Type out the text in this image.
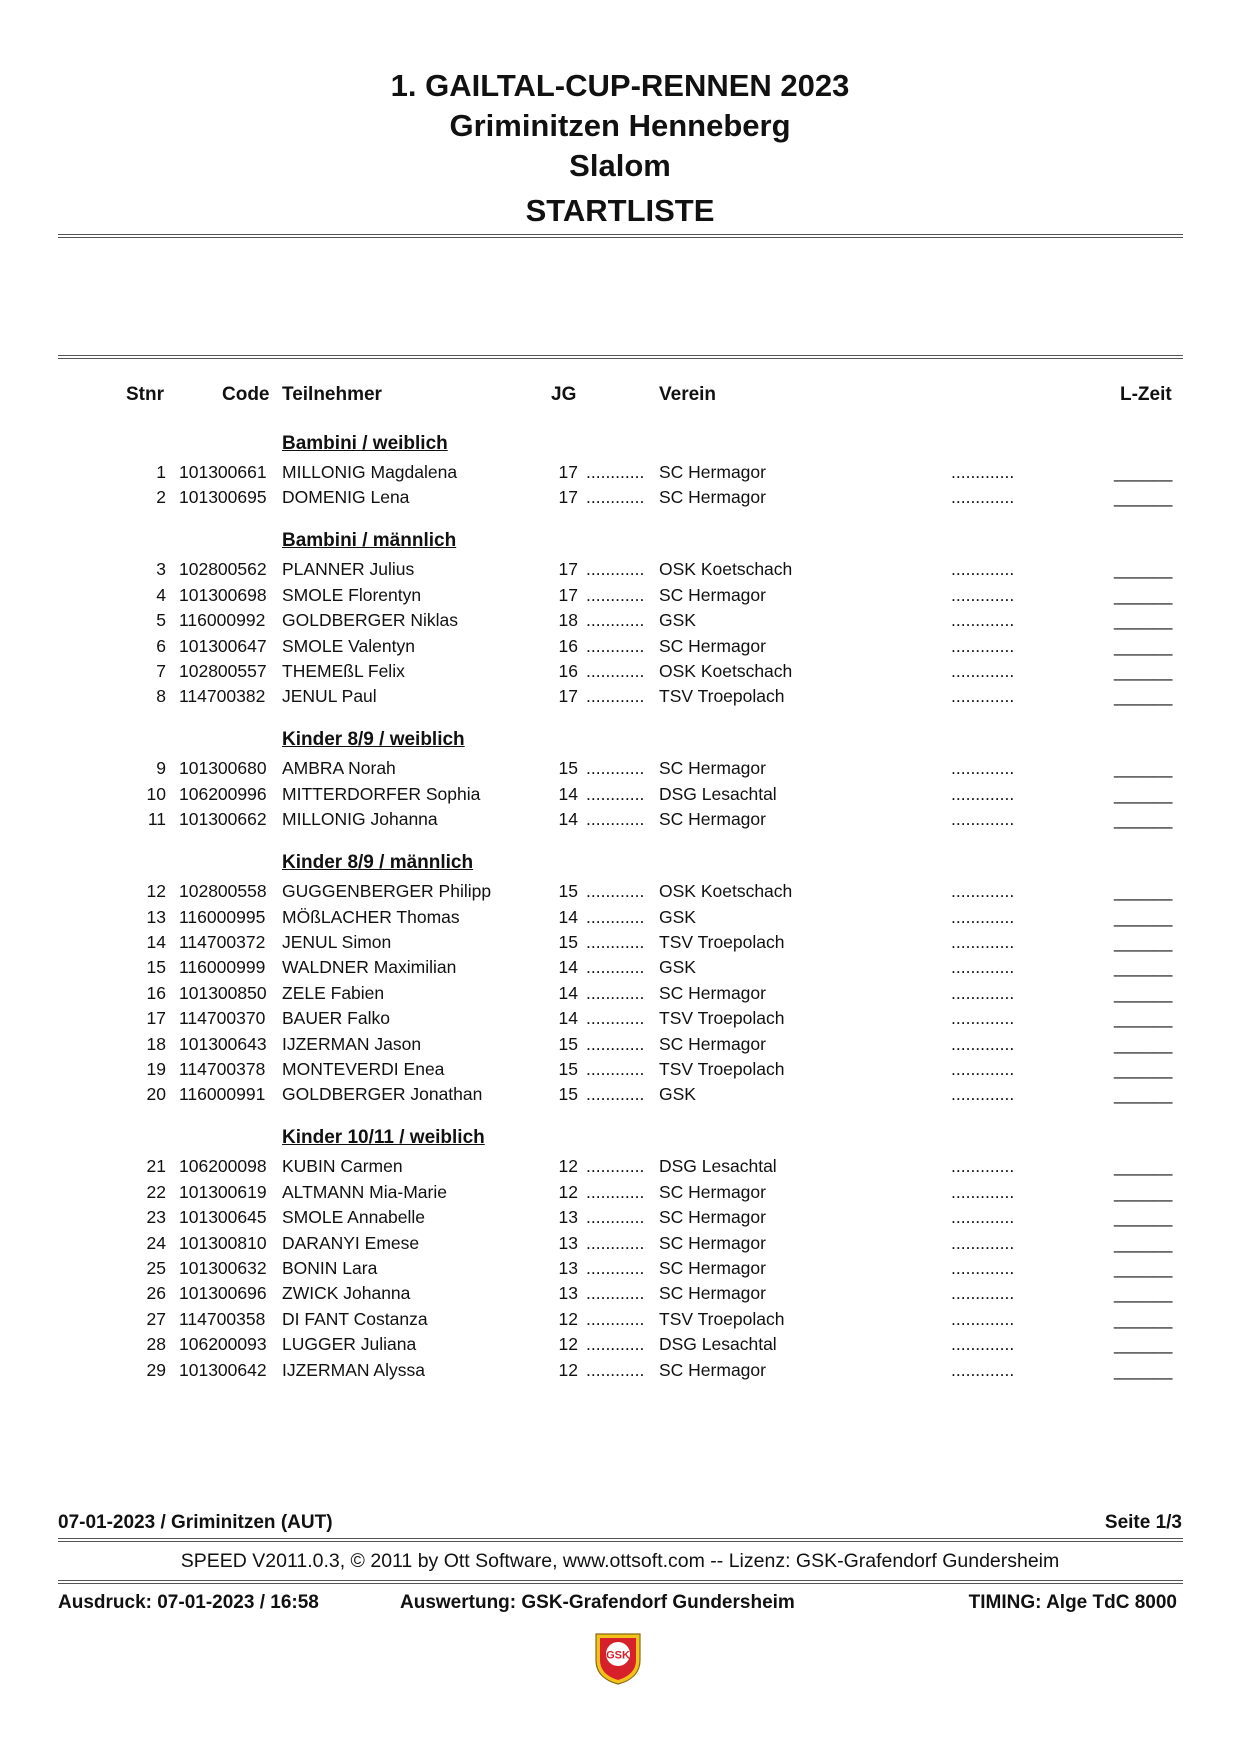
1. GAILTAL-CUP-RENNEN 2023
Griminitzen Henneberg
Slalom
STARTLISTE
Stnr	Code Teilnehmer	JG	Verein	L-Zeit
Bambini / weiblich
1 101300661 MILLONIG Magdalena	17 ............ SC Hermagor	.............	______
2 101300695 DOMENIG Lena	17 ............ SC Hermagor	.............	______
Bambini / männlich
3 102800562 PLANNER Julius	17 ............ OSK Koetschach	.............	______
4 101300698 SMOLE Florentyn	17 ............ SC Hermagor	.............	______
5 116000992 GOLDBERGER Niklas	18 ............ GSK	.............	______
6 101300647 SMOLE Valentyn	16 ............ SC Hermagor	.............	______
7 102800557 THEMEßL Felix	16 ............ OSK Koetschach	.............	______
8 114700382 JENUL Paul	17 ............ TSV Troepolach	.............	______
Kinder 8/9 / weiblich
9 101300680 AMBRA Norah	15 ............ SC Hermagor	.............	______
10 106200996 MITTERDORFER Sophia	14 ............ DSG Lesachtal	.............	______
11 101300662 MILLONIG Johanna	14 ............ SC Hermagor	.............	______
Kinder 8/9 / männlich
12 102800558 GUGGENBERGER Philipp	15 ............ OSK Koetschach	.............	______
13 116000995 MÖßLACHER Thomas	14 ............ GSK	.............	______
14 114700372 JENUL Simon	15 ............ TSV Troepolach	.............	______
15 116000999 WALDNER Maximilian	14 ............ GSK	.............	______
16 101300850 ZELE Fabien	14 ............ SC Hermagor	.............	______
17 114700370 BAUER Falko	14 ............ TSV Troepolach	.............	______
18 101300643 IJZERMAN Jason	15 ............ SC Hermagor	.............	______
19 114700378 MONTEVERDI Enea	15 ............ TSV Troepolach	.............	______
20 116000991 GOLDBERGER Jonathan	15 ............ GSK	.............	______
Kinder 10/11 / weiblich
21 106200098 KUBIN Carmen	12 ............ DSG Lesachtal	.............	______
22 101300619 ALTMANN Mia-Marie	12 ............ SC Hermagor	.............	______
23 101300645 SMOLE Annabelle	13 ............ SC Hermagor	.............	______
24 101300810 DARANYI Emese	13 ............ SC Hermagor	.............	______
25 101300632 BONIN Lara	13 ............ SC Hermagor	.............	______
26 101300696 ZWICK Johanna	13 ............ SC Hermagor	.............	______
27 114700358 DI FANT Costanza	12 ............ TSV Troepolach	.............	______
28 106200093 LUGGER Juliana	12 ............ DSG Lesachtal	.............	______
29 101300642 IJZERMAN Alyssa	12 ............ SC Hermagor	.............	______
07-01-2023 / Griminitzen (AUT)	Seite 1/3
SPEED V2011.0.3, © 2011 by Ott Software, www.ottsoft.com -- Lizenz: GSK-Grafendorf Gundersheim
Ausdruck: 07-01-2023 / 16:58	Auswertung: GSK-Grafendorf Gundersheim	TIMING: Alge TdC 8000
GSK
